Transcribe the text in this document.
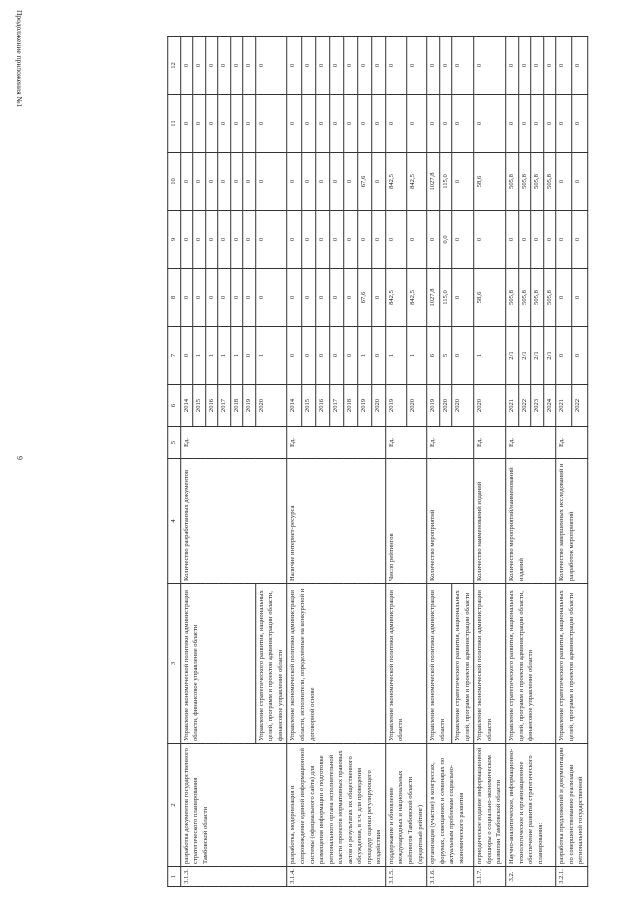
9
Продолжение приложения №1
1	2	3	4	5	6	7	8	9	10	11	12
3.1.3.	разработка документов государственного стратегического планирования Тамбовской области	Управление экономической политики администрации области, финансовое управление области	Количество разработанных документов	Ед.	2014	0	0	0	0	0	0
					2015	1	0	0	0	0	0
					2016	1	0	0	0	0	0
					2017	1	0	0	0	0	0
					2018	1	0	0	0	0	0
					2019	0	0	0	0	0	0
		Управление стратегического развития, национальных целей, программ и проектов администрации области, финансовое управление области			2020	1	0	0	0	0	0
3.1.4.	разработка, модернизация и сопровождение единой информационной системы (официального сайта) для размещения информации о подготовке регионального органа исполнительной власти проектов нормативных правовых актов и результатах их общественного обсуждения, в т.ч. для проведения процедур оценки регулирующего воздействия	Управление экономической политики администрации области, исполнители, определенные на конкурсной и договорной основе	Наличие интернет-ресурса	Ед.	2014	0	0	0	0	0	0
					2015	0	0	0	0	0	0
					2016	0	0	0	0	0	0
					2017	0	0	0	0	0	0
					2018	0	0	0	0	0	0
					2019	1	67,6	0	67,6	0	0
					2020	0	0	0	0	0	0
3.1.5.	поддержание и обновление международных и национальных рейтингов Тамбовской области (кредитный рейтинг)	Управление экономической политики администрации области	Число рейтингов	Ед.	2019	1	842,5	0	842,5	0	0
					2020	1	842,5	0	842,5	0	0
3.1.6.	организация (участие) в конгрессах, форумах, совещаниях и семинарах по актуальным проблемам социально-экономического развития	Управление экономической политики администрации области	Количество мероприятий	Ед.	2019	6	1027,8	0	1027,8	0	0
					2020	5	115,0	0,0	115,0	0	0
		Управление стратегического развития, национальных целей, программ и проектов администрации области			2020	0	0	0	0	0	0
3.1.7.	периодическое издание информационной брошюры о социально-экономическом развитии Тамбовской области	Управление экономической политики администрации области	Количество наименований изданий	Ед.	2020	1	58,6	0	58,6	0	0
3.2.	Научно-аналитическое, информационно-технологическое и организационное обеспечение развития стратегического планирования:	Управление стратегического развития, национальных целей, программ и проектов администрации области, финансовое управление области	Количество мероприятий/наименований изданий	Ед.	2021	2/1	505,8	0	505,8	0	0
					2022	2/1	505,8	0	505,8	0	0
					2023	2/1	505,8	0	505,8	0	0
					2024	2/1	505,8	0	505,8	0	0
3.2.1.	разработка предложений и документации по совершенствованию реализации региональной государственной	Управление стратегического развития, национальных целей, программ и проектов администрации области	Количество завершенных исследований и разработок мероприятий	Ед.	2021	0	0	0	0	0	0
					2022	0	0	0	0	0	0
